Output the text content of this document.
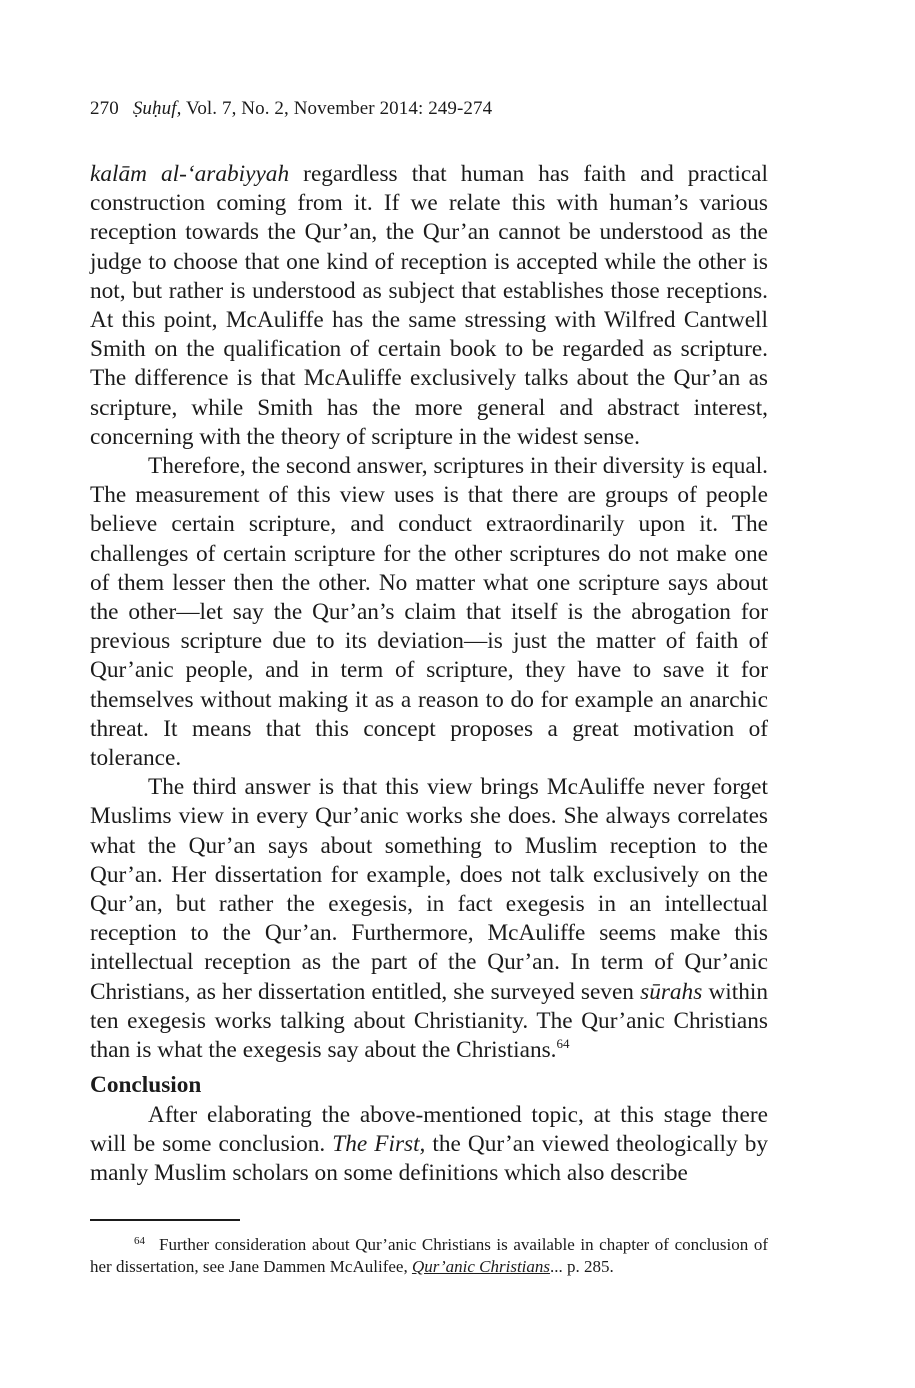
270 Ṣuḥuf, Vol. 7, No. 2, November 2014: 249-274

kalām al-‘arabiyyah regardless that human has faith and practical construction coming from it. If we relate this with human’s various reception towards the Qur’an, the Qur’an cannot be understood as the judge to choose that one kind of reception is accepted while the other is not, but rather is understood as subject that establishes those receptions. At this point, McAuliffe has the same stressing with Wilfred Cantwell Smith on the qualification of certain book to be regarded as scripture. The difference is that McAuliffe exclusively talks about the Qur’an as scripture, while Smith has the more general and abstract interest, concerning with the theory of scripture in the widest sense.

Therefore, the second answer, scriptures in their diversity is equal. The measurement of this view uses is that there are groups of people believe certain scripture, and conduct extraordinarily upon it. The challenges of certain scripture for the other scriptures do not make one of them lesser then the other. No matter what one scripture says about the other—let say the Qur’an’s claim that itself is the abrogation for previous scripture due to its deviation—is just the matter of faith of Qur’anic people, and in term of scripture, they have to save it for themselves without making it as a reason to do for example an anarchic threat. It means that this concept proposes a great motivation of tolerance.

The third answer is that this view brings McAuliffe never forget Muslims view in every Qur’anic works she does. She always correlates what the Qur’an says about something to Muslim reception to the Qur’an. Her dissertation for example, does not talk exclusively on the Qur’an, but rather the exegesis, in fact exegesis in an intellectual reception to the Qur’an. Furthermore, McAuliffe seems make this intellectual reception as the part of the Qur’an. In term of Qur’anic Christians, as her dissertation entitled, she surveyed seven sūrahs within ten exegesis works talking about Christianity. The Qur’anic Christians than is what the exegesis say about the Christians.$^{64}$

Conclusion

After elaborating the above-mentioned topic, at this stage there will be some conclusion. The First, the Qur’an viewed theologically by manly Muslim scholars on some definitions which also describe

$^{64}$ Further consideration about Qur’anic Christians is available in chapter of conclusion of her dissertation, see Jane Dammen McAulifee, Qur’anic Christians... p. 285.
